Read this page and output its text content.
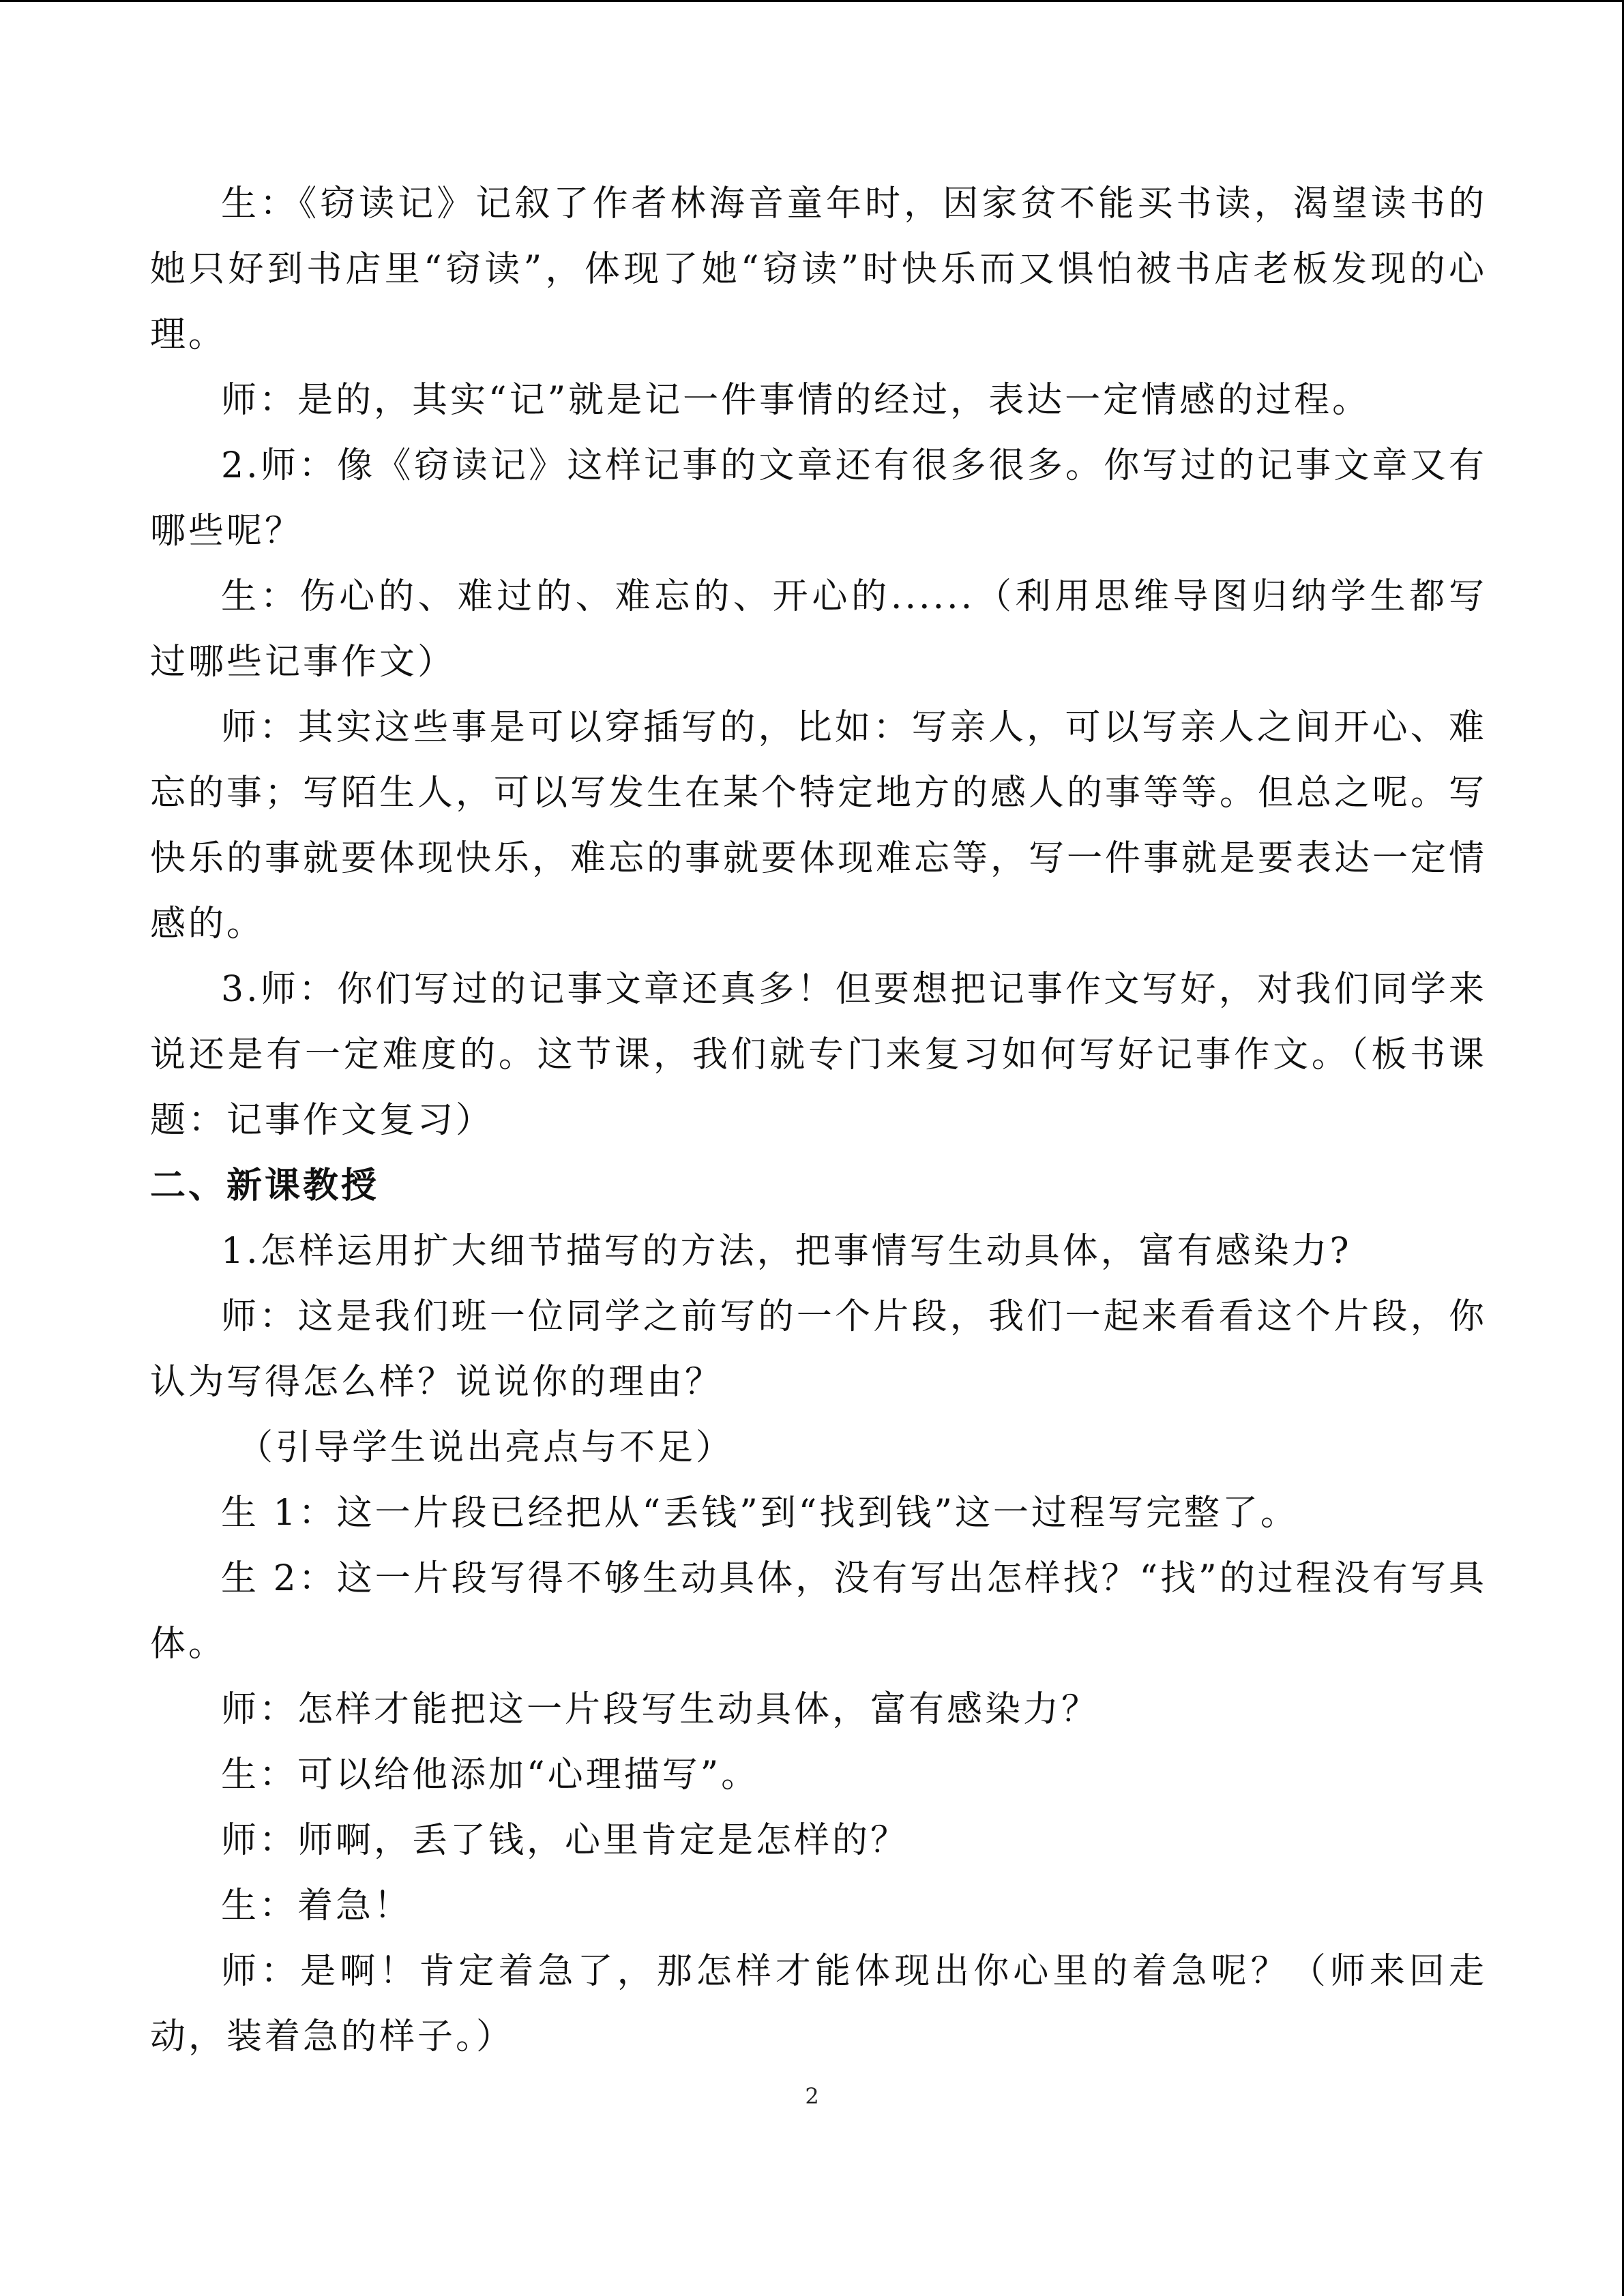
生：《窃读记》记叙了作者林海音童年时，因家贫不能买书读，渴望读书的她只好到书店里“窃读”，体现了她“窃读”时快乐而又惧怕被书店老板发现的心理。

师：是的，其实“记”就是记一件事情的经过，表达一定情感的过程。

2.师：像《窃读记》这样记事的文章还有很多很多。你写过的记事文章又有哪些呢？

生：伤心的、难过的、难忘的、开心的......（利用思维导图归纳学生都写过哪些记事作文）

师：其实这些事是可以穿插写的，比如：写亲人，可以写亲人之间开心、难忘的事；写陌生人，可以写发生在某个特定地方的感人的事等等。但总之呢。写快乐的事就要体现快乐，难忘的事就要体现难忘等，写一件事就是要表达一定情感的。

3.师：你们写过的记事文章还真多！但要想把记事作文写好，对我们同学来说还是有一定难度的。这节课，我们就专门来复习如何写好记事作文。（板书课题：记事作文复习）

二、新课教授

1.怎样运用扩大细节描写的方法，把事情写生动具体，富有感染力?

师：这是我们班一位同学之前写的一个片段，我们一起来看看这个片段，你认为写得怎么样？说说你的理由？

（引导学生说出亮点与不足）

生 1：这一片段已经把从“丢钱”到“找到钱”这一过程写完整了。

生 2：这一片段写得不够生动具体，没有写出怎样找？“找”的过程没有写具体。

师：怎样才能把这一片段写生动具体，富有感染力？

生：可以给他添加“心理描写”。

师：师啊，丢了钱，心里肯定是怎样的？

生：着急！

师：是啊！肯定着急了，那怎样才能体现出你心里的着急呢？（师来回走动，装着急的样子。）

2
